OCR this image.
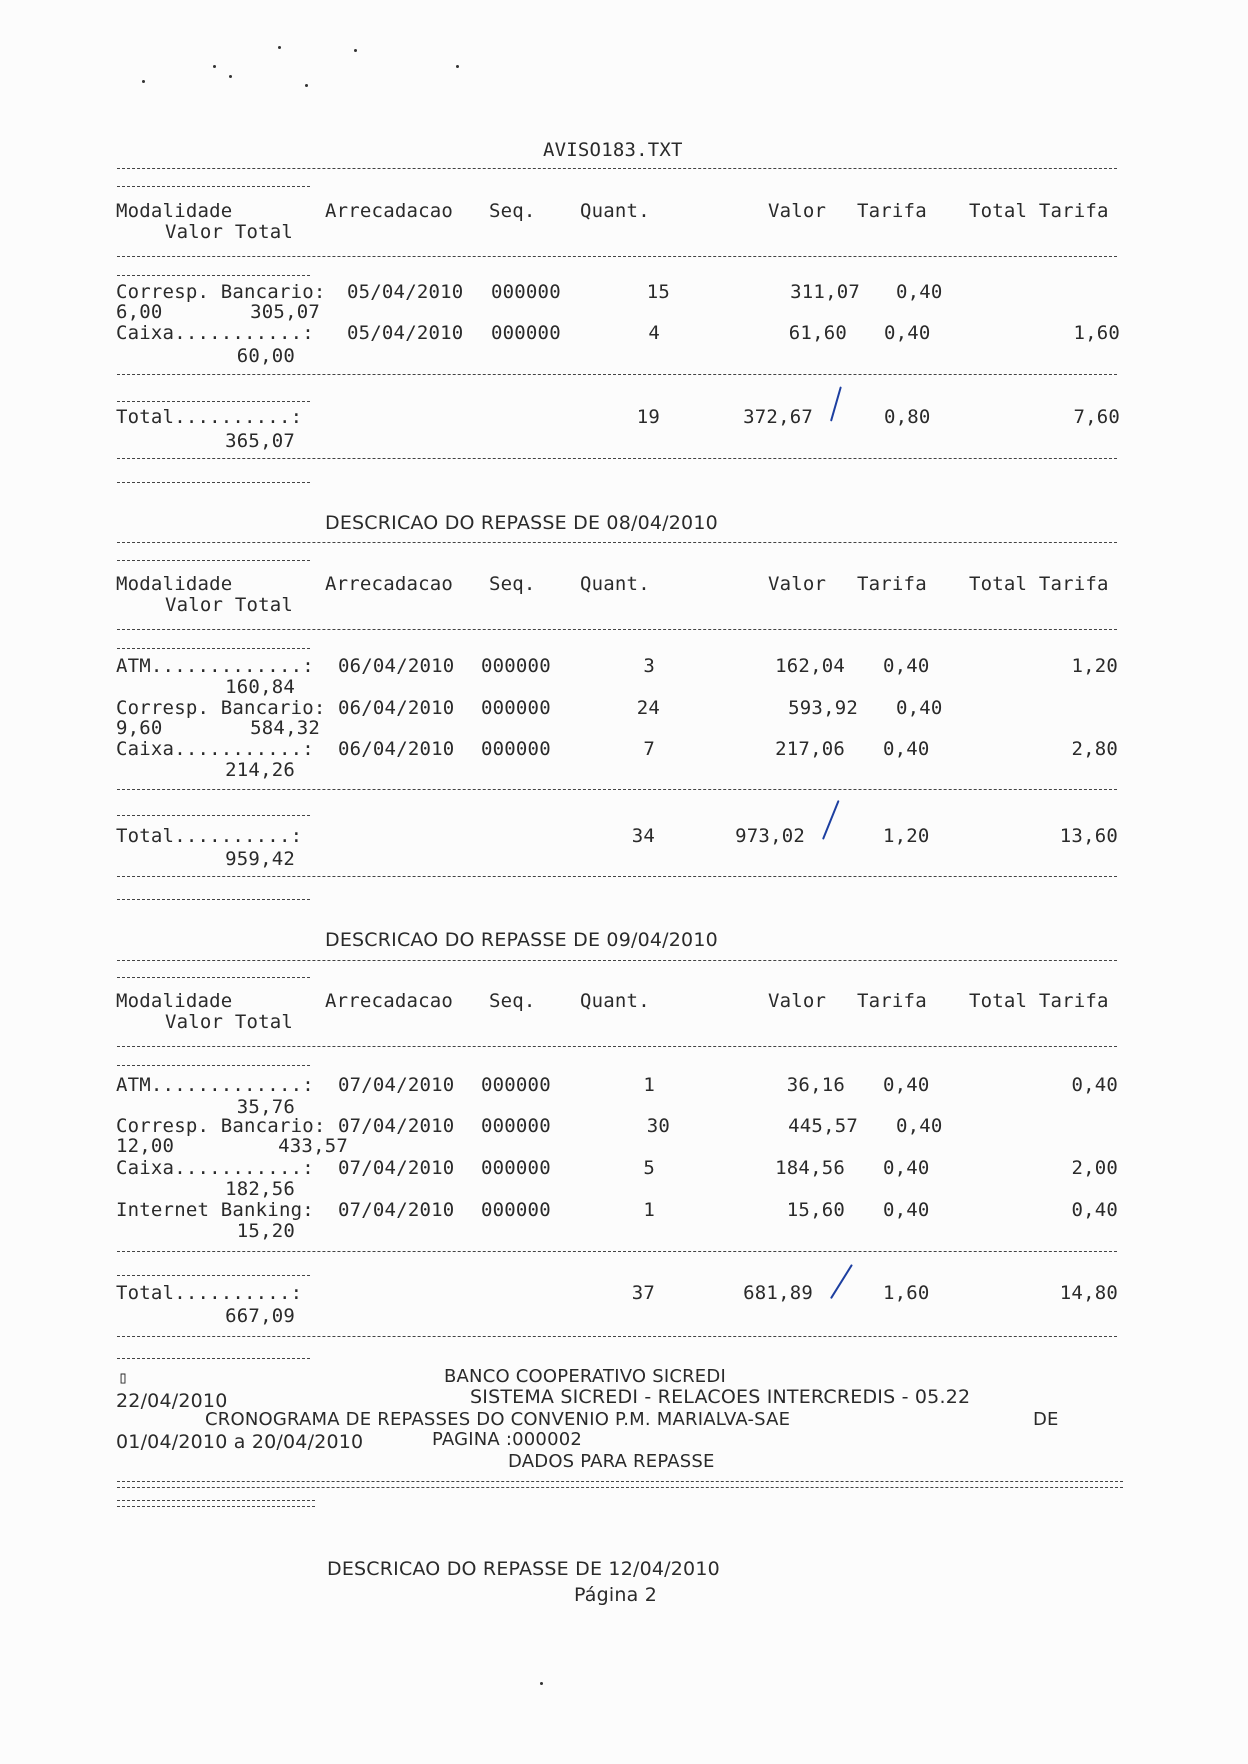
AVISO183.TXT
Modalidade	Arrecadacao Seq. Quant.	Valor Tarifa Total Tarifa
Valor Total
Corresp. Bancario: 05/04/2010 000000	15	311,07 0,40
6,00	305,07
Caixa...........: 05/04/2010 000000	4	61,60 0,40	1,60
60,00
Total..........:	19	372,67	0,80	7,60
365,07
DESCRICAO DO REPASSE DE 08/04/2010
Modalidade	Arrecadacao Seq. Quant.	Valor Tarifa Total Tarifa
Valor Total
ATM.............: 06/04/2010 000000	3	162,04 0,40	1,20
160,84
Corresp. Bancario: 06/04/2010 000000	24	593,92 0,40
9,60	584,32
Caixa...........: 06/04/2010 000000	7	217,06 0,40	2,80
214,26
Total..........:	34	973,02	1,20	13,60
959,42
DESCRICAO DO REPASSE DE 09/04/2010
Modalidade	Arrecadacao Seq. Quant.	Valor Tarifa Total Tarifa
Valor Total
ATM.............: 07/04/2010 000000	1	36,16 0,40	0,40
35,76
Corresp. Bancario: 07/04/2010 000000	30	445,57 0,40
12,00	433,57
Caixa...........: 07/04/2010 000000	5	184,56 0,40	2,00
182,56
Internet Banking: 07/04/2010 000000	1	15,60 0,40	0,40
15,20
Total..........:	37	681,89	1,60	14,80
667,09
▯	BANCO COOPERATIVO SICREDI
22/04/2010	SISTEMA SICREDI - RELACOES INTERCREDIS - 05.22
CRONOGRAMA DE REPASSES DO CONVENIO P.M. MARIALVA-SAE	DE
01/04/2010 a 20/04/2010	PAGINA :000002
DADOS PARA REPASSE
DESCRICAO DO REPASSE DE 12/04/2010
Página 2
